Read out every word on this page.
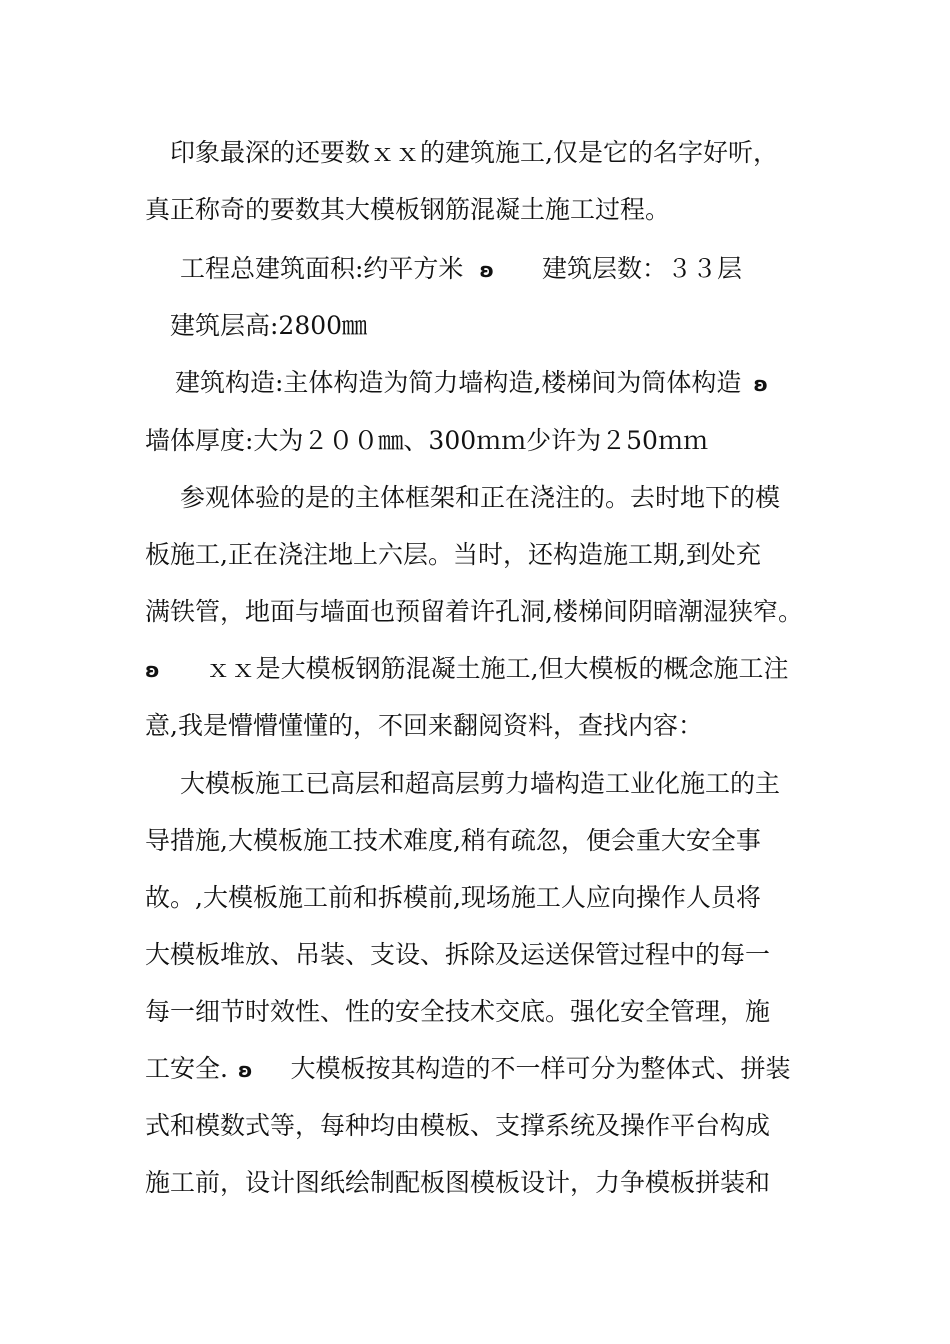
印象最深的还要数ｘｘ的建筑施工,仅是它的名字好听，
真正称奇的要数其大模板钢筋混凝土施工过程。
工程总建筑面积:约平方米 ʚ 建筑层数：３３层
建筑层高:2800㎜
建筑构造:主体构造为简力墙构造,楼梯间为筒体构造 ʚ
墙体厚度:大为２００㎜、300ｍｍ少许为２50ｍｍ
参观体验的是的主体框架和正在浇注的。去时地下的模
板施工,正在浇注地上六层。当时，还构造施工期,到处充
满铁管，地面与墙面也预留着许孔洞,楼梯间阴暗潮湿狭窄。
ʚ ｘｘ是大模板钢筋混凝土施工,但大模板的概念施工注
意,我是懵懵懂懂的，不回来翻阅资料，查找内容：
大模板施工已高层和超高层剪力墙构造工业化施工的主
导措施,大模板施工技术难度,稍有疏忽，便会重大安全事
故。,大模板施工前和拆模前,现场施工人应向操作人员将
大模板堆放、吊装、支设、拆除及运送保管过程中的每一
每一细节时效性、性的安全技术交底。强化安全管理，施
工安全. ʚ 大模板按其构造的不一样可分为整体式、拼装
式和模数式等，每种均由模板、支撑系统及操作平台构成
施工前，设计图纸绘制配板图模板设计，力争模板拼装和
